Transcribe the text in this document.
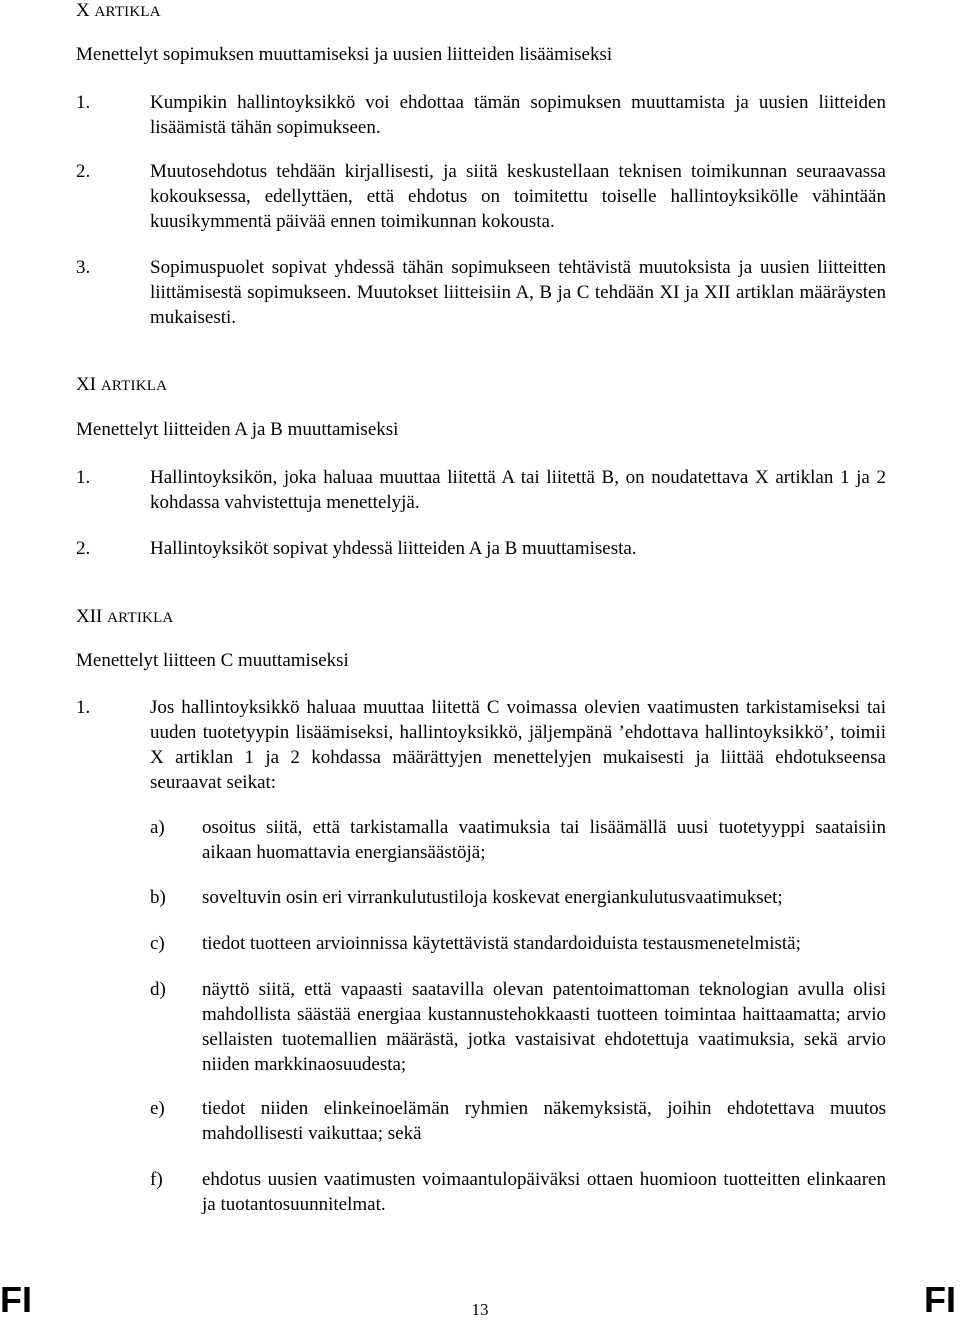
X ARTIKLA
Menettelyt sopimuksen muuttamiseksi ja uusien liitteiden lisäämiseksi
1.	Kumpikin hallintoyksikkö voi ehdottaa tämän sopimuksen muuttamista ja uusien liitteiden lisäämistä tähän sopimukseen.
2.	Muutosehdotus tehdään kirjallisesti, ja siitä keskustellaan teknisen toimikunnan seuraavassa kokouksessa, edellyttäen, että ehdotus on toimitettu toiselle hallintoyksikölle vähintään kuusikymmentä päivää ennen toimikunnan kokousta.
3.	Sopimuspuolet sopivat yhdessä tähän sopimukseen tehtävistä muutoksista ja uusien liitteitten liittämisestä sopimukseen. Muutokset liitteisiin A, B ja C tehdään XI ja XII artiklan määräysten mukaisesti.
XI ARTIKLA
Menettelyt liitteiden A ja B muuttamiseksi
1.	Hallintoyksikön, joka haluaa muuttaa liitettä A tai liitettä B, on noudatettava X artiklan 1 ja 2 kohdassa vahvistettuja menettelyjä.
2.	Hallintoyksiköt sopivat yhdessä liitteiden A ja B muuttamisesta.
XII ARTIKLA
Menettelyt liitteen C muuttamiseksi
1.	Jos hallintoyksikkö haluaa muuttaa liitettä C voimassa olevien vaatimusten tarkistamiseksi tai uuden tuotetyypin lisäämiseksi, hallintoyksikkö, jäljempänä ’ehdottava hallintoyksikkö’, toimii X artiklan 1 ja 2 kohdassa määrättyjen menettelyjen mukaisesti ja liittää ehdotukseensa seuraavat seikat:
a)	osoitus siitä, että tarkistamalla vaatimuksia tai lisäämällä uusi tuotetyyppi saataisiin aikaan huomattavia energiansäästöjä;
b)	soveltuvin osin eri virrankulutustiloja koskevat energiankulutusvaatimukset;
c)	tiedot tuotteen arvioinnissa käytettävistä standardoiduista testausmenetelmistä;
d)	näyttö siitä, että vapaasti saatavilla olevan patentoimattoman teknologian avulla olisi mahdollista säästää energiaa kustannustehokkaasti tuotteen toimintaa haittaamatta; arvio sellaisten tuotemallien määrästä, jotka vastaisivat ehdotettuja vaatimuksia, sekä arvio niiden markkinaosuudesta;
e)	tiedot niiden elinkeinoelämän ryhmien näkemyksistä, joihin ehdotettava muutos mahdollisesti vaikuttaa; sekä
f)	ehdotus uusien vaatimusten voimaantulopäiväksi ottaen huomioon tuotteitten elinkaaren ja tuotantosuunnitelmat.
FI	13	FI
